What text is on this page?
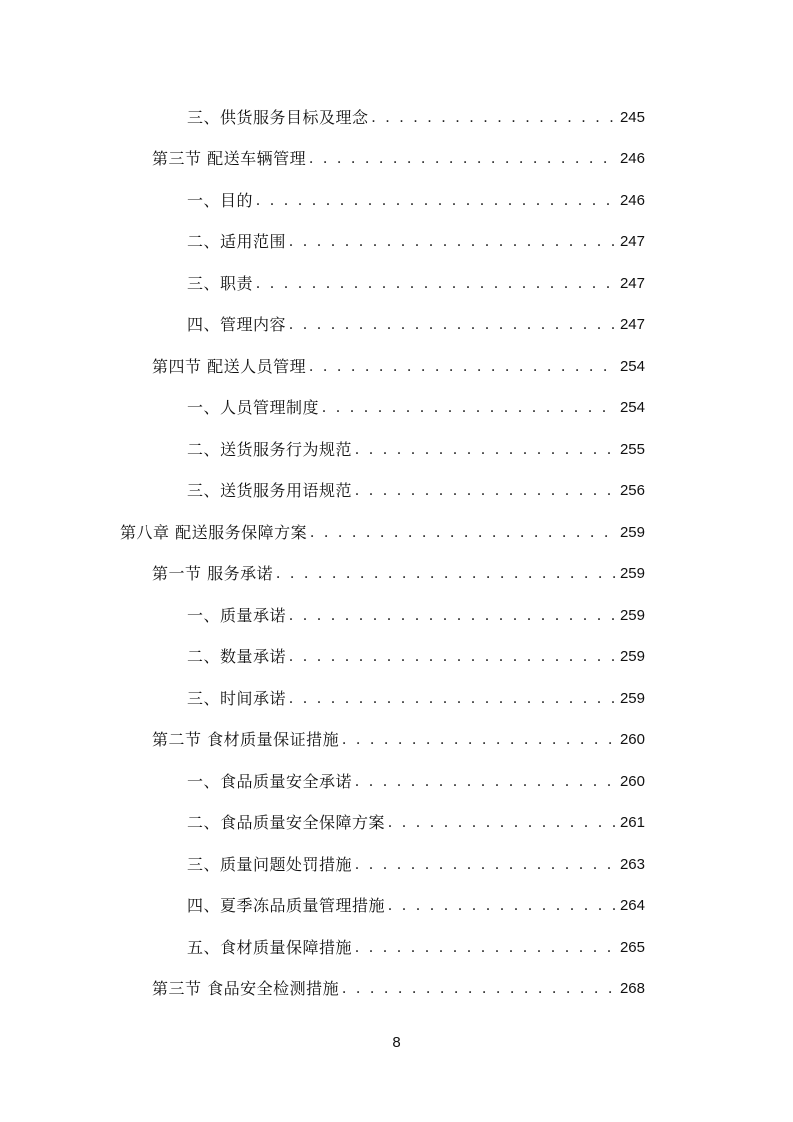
三、供货服务目标及理念 . . .	245
第三节 配送车辆管理 . . .	246
一、目的 . . .	246
二、适用范围 . . .	247
三、职责 . . .	247
四、管理内容 . . .	247
第四节 配送人员管理 . . .	254
一、人员管理制度 . . .	254
二、送货服务行为规范 . . .	255
三、送货服务用语规范 . . .	256
第八章 配送服务保障方案 . . .	259
第一节 服务承诺 . . .	259
一、质量承诺 . . .	259
二、数量承诺 . . .	259
三、时间承诺 . . .	259
第二节 食材质量保证措施 . . .	260
一、食品质量安全承诺 . . .	260
二、食品质量安全保障方案 . . .	261
三、质量问题处罚措施 . . .	263
四、夏季冻品质量管理措施 . . .	264
五、食材质量保障措施 . . .	265
第三节 食品安全检测措施 . . .	268
8
